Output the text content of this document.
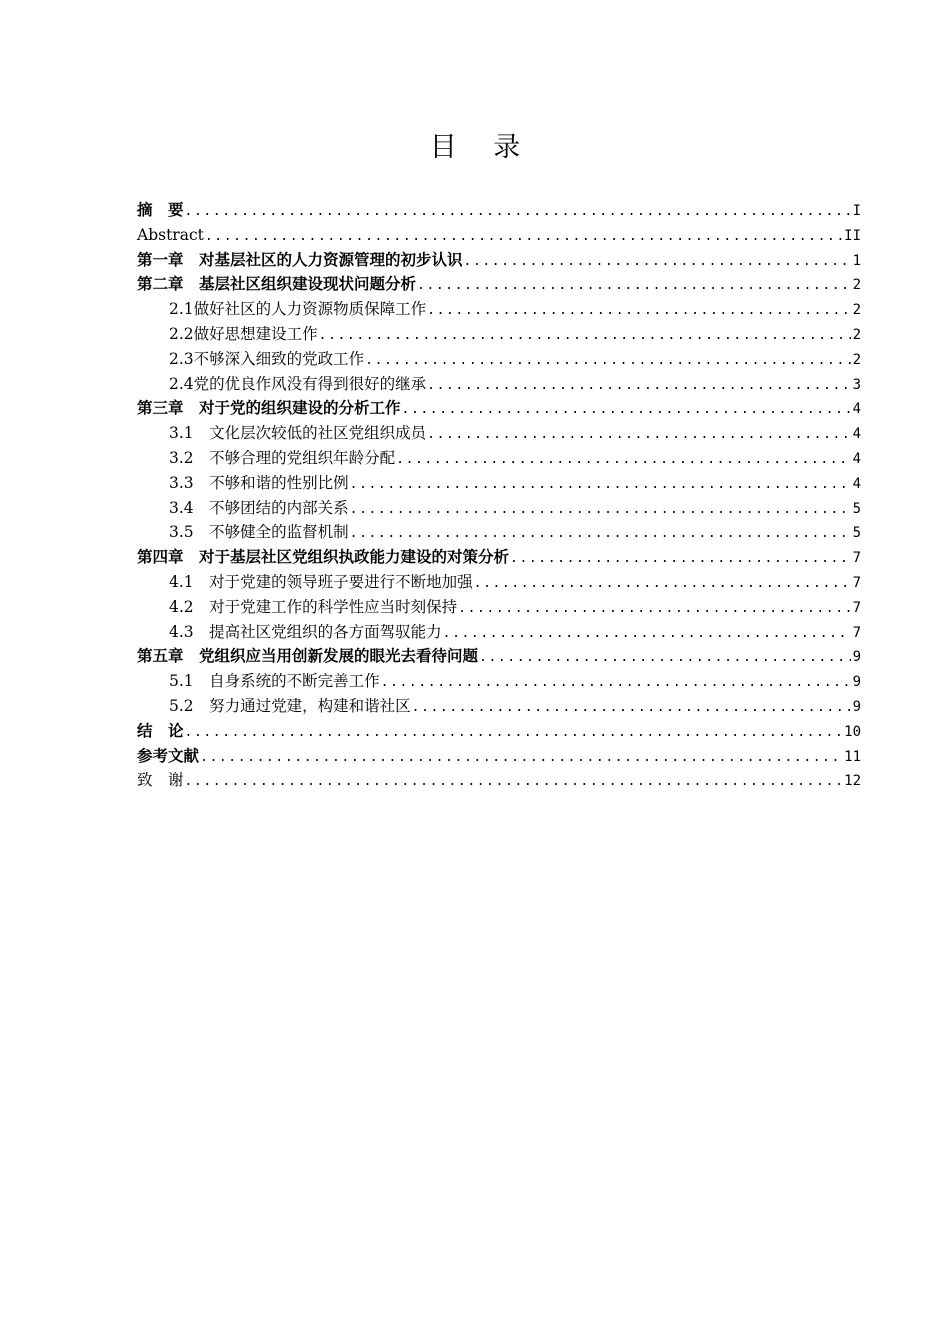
目 录
摘　要 .....	I
Abstract .....	II
第一章　对基层社区的人力资源管理的初步认识 .....	1
第二章　基层社区组织建设现状问题分析 .....	2
2.1做好社区的人力资源物质保障工作 .....	2
2.2做好思想建设工作 .....	2
2.3不够深入细致的党政工作 .....	2
2.4党的优良作风没有得到很好的继承 .....	3
第三章　对于党的组织建设的分析工作 .....	4
3.1　文化层次较低的社区党组织成员 .....	4
3.2　不够合理的党组织年龄分配 .....	4
3.3　不够和谐的性别比例 .....	4
3.4　不够团结的内部关系 .....	5
3.5　不够健全的监督机制 .....	5
第四章　对于基层社区党组织执政能力建设的对策分析 .....	7
4.1　对于党建的领导班子要进行不断地加强 .....	7
4.2　对于党建工作的科学性应当时刻保持 .....	7
4.3　提高社区党组织的各方面驾驭能力 .....	7
第五章　党组织应当用创新发展的眼光去看待问题 .....	9
5.1　自身系统的不断完善工作 .....	9
5.2　努力通过党建，构建和谐社区 .....	9
结　论 .....	10
参考文献 .....	11
致　谢 .....	12
